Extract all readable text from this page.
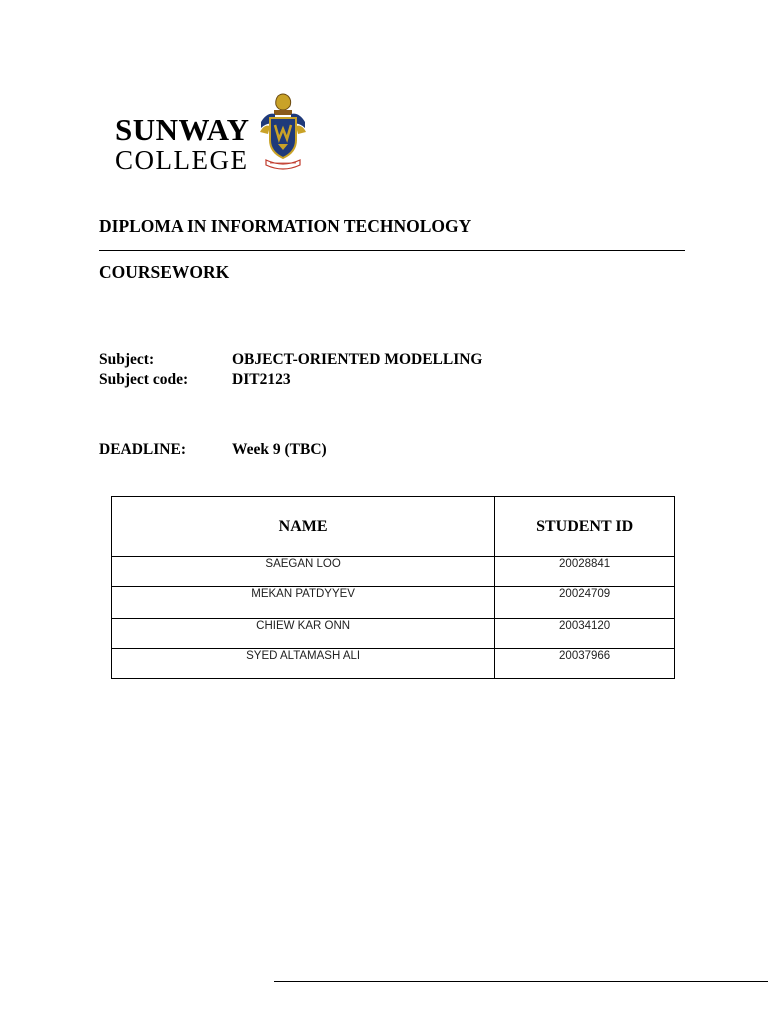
SUNWAY
COLLEGE
DIPLOMA IN INFORMATION TECHNOLOGY
COURSEWORK
Subject:	OBJECT-ORIENTED MODELLING
Subject code:	DIT2123
DEADLINE:	Week 9 (TBC)
NAME	STUDENT ID
SAEGAN LOO	20028841
MEKAN PATDYYEV	20024709
CHIEW KAR ONN	20034120
SYED ALTAMASH ALI	20037966
